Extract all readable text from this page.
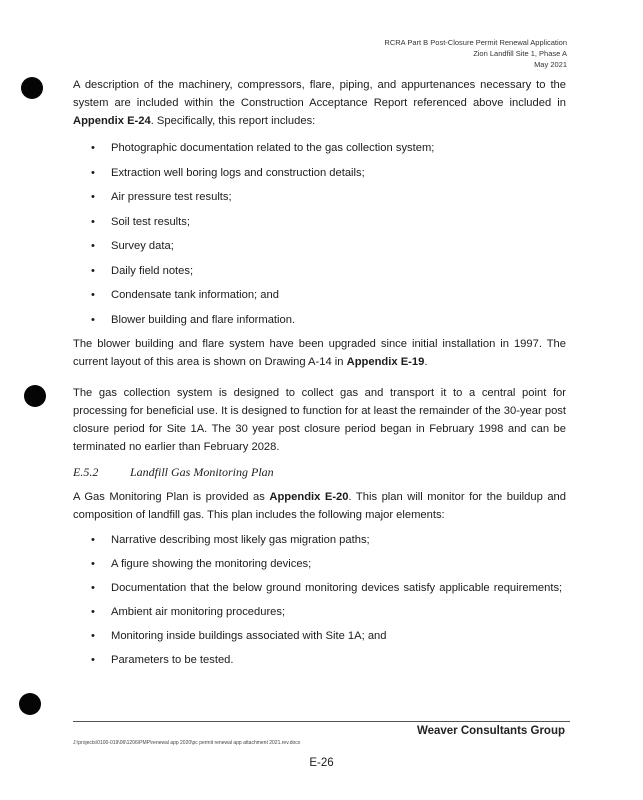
RCRA Part B Post-Closure Permit Renewal Application
Zion Landfill Site 1, Phase A
May 2021

A description of the machinery, compressors, flare, piping, and appurtenances necessary to the system are included within the Construction Acceptance Report referenced above included in Appendix E-24. Specifically, this report includes:

• Photographic documentation related to the gas collection system;
• Extraction well boring logs and construction details;
• Air pressure test results;
• Soil test results;
• Survey data;
• Daily field notes;
• Condensate tank information; and
• Blower building and flare information.

The blower building and flare system have been upgraded since initial installation in 1997. The current layout of this area is shown on Drawing A-14 in Appendix E-19.

The gas collection system is designed to collect gas and transport it to a central point for processing for beneficial use. It is designed to function for at least the remainder of the 30-year post closure period for Site 1A. The 30 year post closure period began in February 1998 and can be terminated no earlier than February 2028.

E.5.2	Landfill Gas Monitoring Plan

A Gas Monitoring Plan is provided as Appendix E-20. This plan will monitor for the buildup and composition of landfill gas. This plan includes the following major elements:

• Narrative describing most likely gas migration paths;
• A figure showing the monitoring devices;
• Documentation that the below ground monitoring devices satisfy applicable requirements;
• Ambient air monitoring procedures;
• Monitoring inside buildings associated with Site 1A; and
• Parameters to be tested.
Weaver Consultants Group
J:\projects\0100-019\06\1206\PMP\renewal app 2020\pc permit renewal app attachment 2021.rev.docx
E-26
